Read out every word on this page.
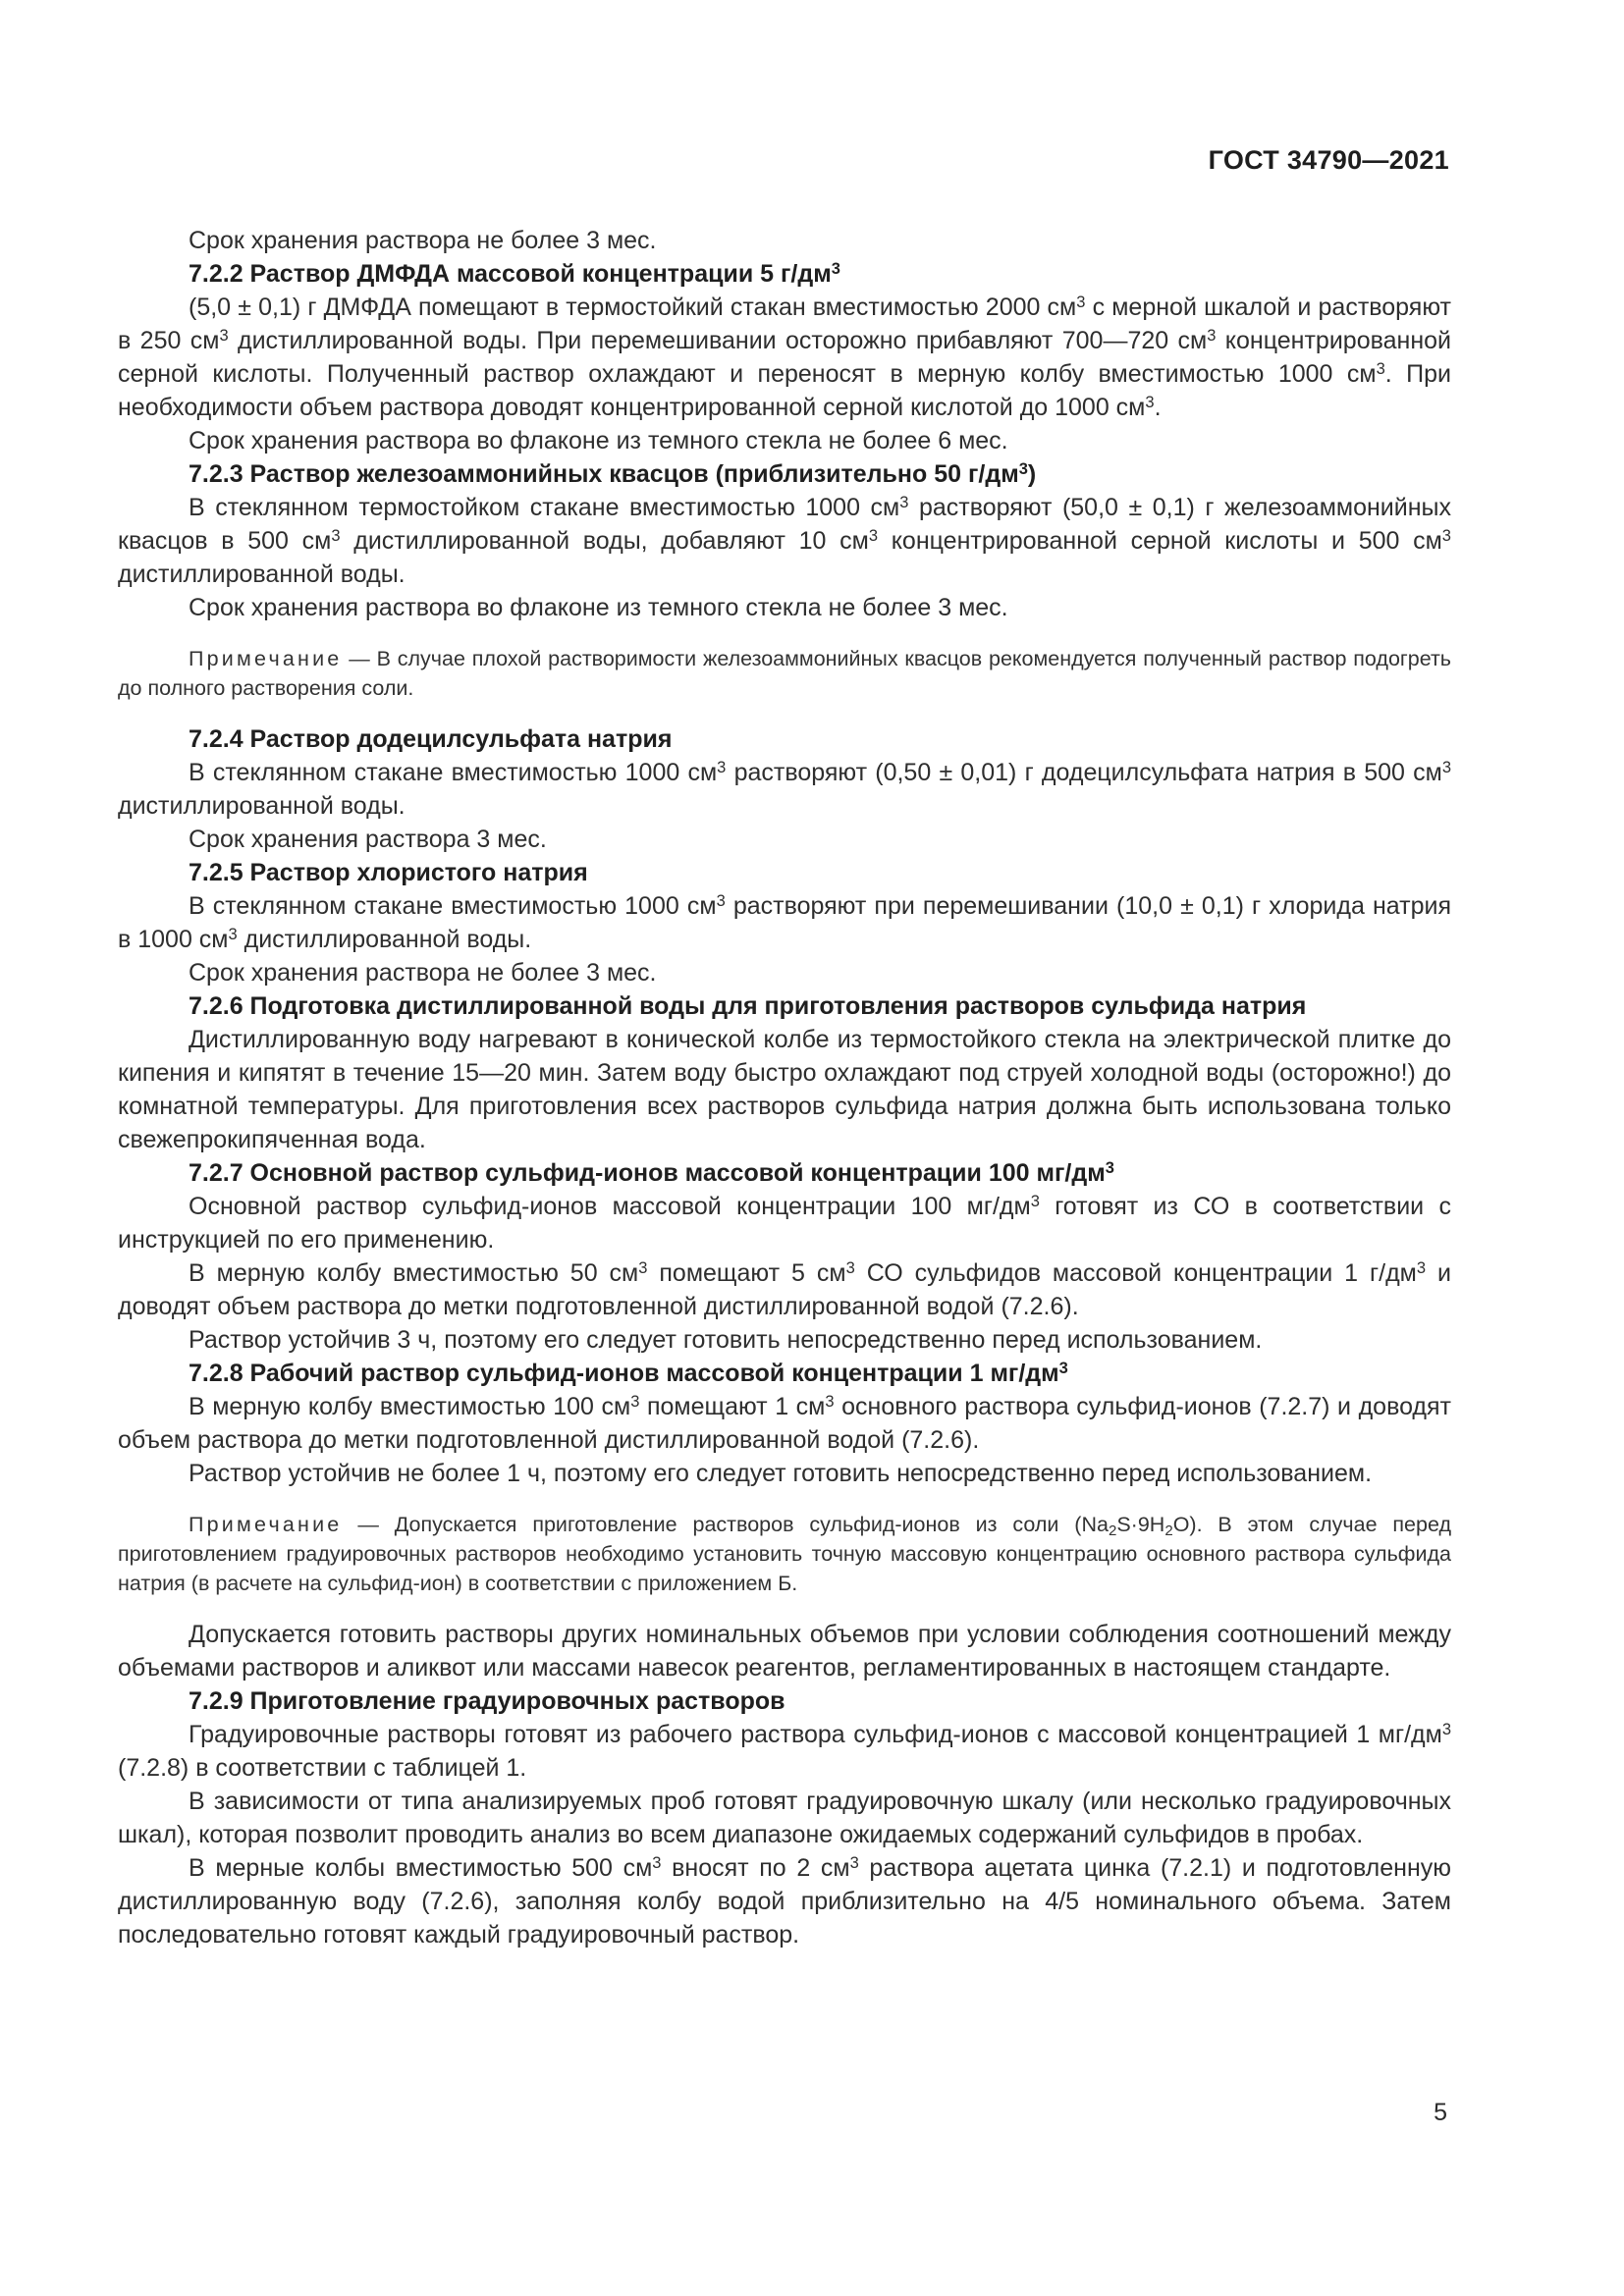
ГОСТ 34790—2021

Срок хранения раствора не более 3 мес.

7.2.2 Раствор ДМФДА массовой концентрации 5 $г/дм^3$

(5,0 ± 0,1) г ДМФДА помещают в термостойкий стакан вместимостью 2000 $см^3$ с мерной шкалой и растворяют в 250 $см^3$ дистиллированной воды. При перемешивании осторожно прибавляют 700—720 $см^3$ концентрированной серной кислоты. Полученный раствор охлаждают и переносят в мерную колбу вместимостью 1000 $см^3$. При необходимости объем раствора доводят концентрированной серной кислотой до 1000 $см^3$.

Срок хранения раствора во флаконе из темного стекла не более 6 мес.

7.2.3 Раствор железоаммонийных квасцов (приблизительно 50 $г/дм^3$)

В стеклянном термостойком стакане вместимостью 1000 $см^3$ растворяют (50,0 ± 0,1) г железоаммонийных квасцов в 500 $см^3$ дистиллированной воды, добавляют 10 $см^3$ концентрированной серной кислоты и 500 $см^3$ дистиллированной воды.

Срок хранения раствора во флаконе из темного стекла не более 3 мес.

Примечание — В случае плохой растворимости железоаммонийных квасцов рекомендуется полученный раствор подогреть до полного растворения соли.

7.2.4 Раствор додецилсульфата натрия

В стеклянном стакане вместимостью 1000 $см^3$ растворяют (0,50 ± 0,01) г додецилсульфата натрия в 500 $см^3$ дистиллированной воды.

Срок хранения раствора 3 мес.

7.2.5 Раствор хлористого натрия

В стеклянном стакане вместимостью 1000 $см^3$ растворяют при перемешивании (10,0 ± 0,1) г хлорида натрия в 1000 $см^3$ дистиллированной воды.

Срок хранения раствора не более 3 мес.

7.2.6 Подготовка дистиллированной воды для приготовления растворов сульфида натрия

Дистиллированную воду нагревают в конической колбе из термостойкого стекла на электрической плитке до кипения и кипятят в течение 15—20 мин. Затем воду быстро охлаждают под струей холодной воды (осторожно!) до комнатной температуры. Для приготовления всех растворов сульфида натрия должна быть использована только свежепрокипяченная вода.

7.2.7 Основной раствор сульфид-ионов массовой концентрации 100 $мг/дм^3$

Основной раствор сульфид-ионов массовой концентрации 100 $мг/дм^3$ готовят из СО в соответствии с инструкцией по его применению.

В мерную колбу вместимостью 50 $см^3$ помещают 5 $см^3$ СО сульфидов массовой концентрации 1 $г/дм^3$ и доводят объем раствора до метки подготовленной дистиллированной водой (7.2.6).

Раствор устойчив 3 ч, поэтому его следует готовить непосредственно перед использованием.

7.2.8 Рабочий раствор сульфид-ионов массовой концентрации 1 $мг/дм^3$

В мерную колбу вместимостью 100 $см^3$ помещают 1 $см^3$ основного раствора сульфид-ионов (7.2.7) и доводят объем раствора до метки подготовленной дистиллированной водой (7.2.6).

Раствор устойчив не более 1 ч, поэтому его следует готовить непосредственно перед использованием.

Примечание — Допускается приготовление растворов сульфид-ионов из соли $(Na_2S\cdot 9H_2O)$. В этом случае перед приготовлением градуировочных растворов необходимо установить точную массовую концентрацию основного раствора сульфида натрия (в расчете на сульфид-ион) в соответствии с приложением Б.

Допускается готовить растворы других номинальных объемов при условии соблюдения соотношений между объемами растворов и аликвот или массами навесок реагентов, регламентированных в настоящем стандарте.

7.2.9 Приготовление градуировочных растворов

Градуировочные растворы готовят из рабочего раствора сульфид-ионов с массовой концентрацией 1 $мг/дм^3$ (7.2.8) в соответствии с таблицей 1.

В зависимости от типа анализируемых проб готовят градуировочную шкалу (или несколько градуировочных шкал), которая позволит проводить анализ во всем диапазоне ожидаемых содержаний сульфидов в пробах.

В мерные колбы вместимостью 500 $см^3$ вносят по 2 $см^3$ раствора ацетата цинка (7.2.1) и подготовленную дистиллированную воду (7.2.6), заполняя колбу водой приблизительно на 4/5 номинального объема. Затем последовательно готовят каждый градуировочный раствор.

5
